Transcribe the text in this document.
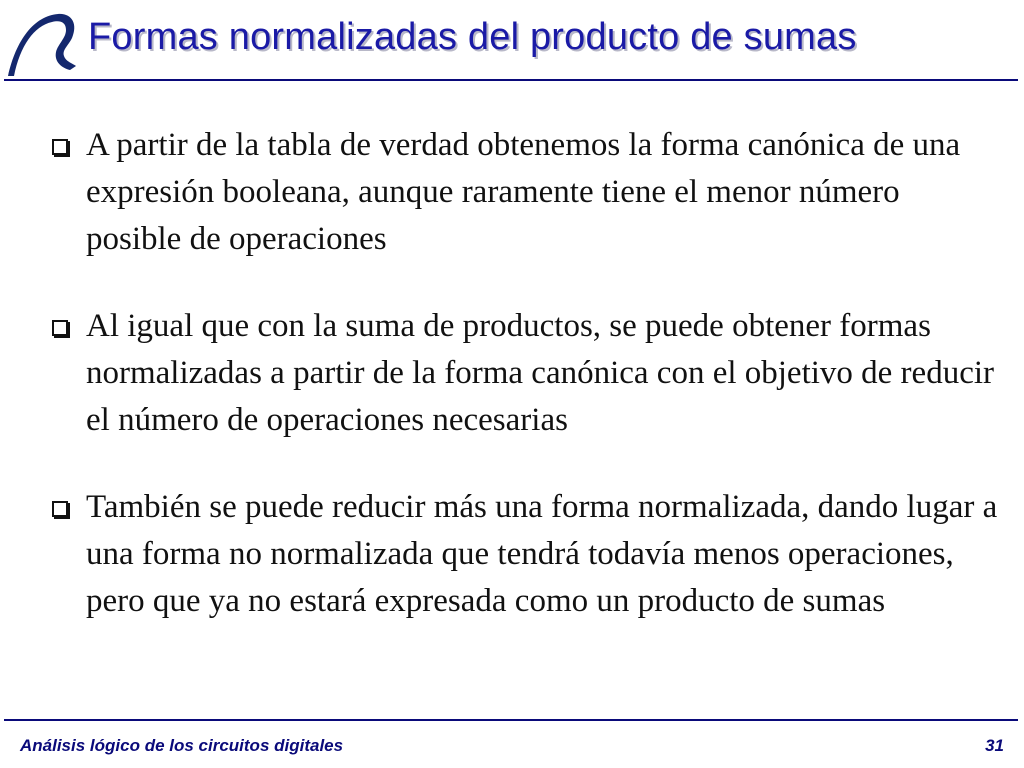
Formas normalizadas del producto de sumas
A partir de la tabla de verdad obtenemos la forma canónica de una expresión booleana, aunque raramente tiene el menor número posible de operaciones
Al igual que con la suma de productos, se puede obtener formas normalizadas a partir de la forma canónica con el objetivo de reducir el número de operaciones necesarias
También se puede reducir más una forma normalizada, dando lugar a una forma no normalizada que tendrá todavía menos operaciones, pero que ya no estará expresada como un producto de sumas
Análisis lógico de los circuitos digitales	31
